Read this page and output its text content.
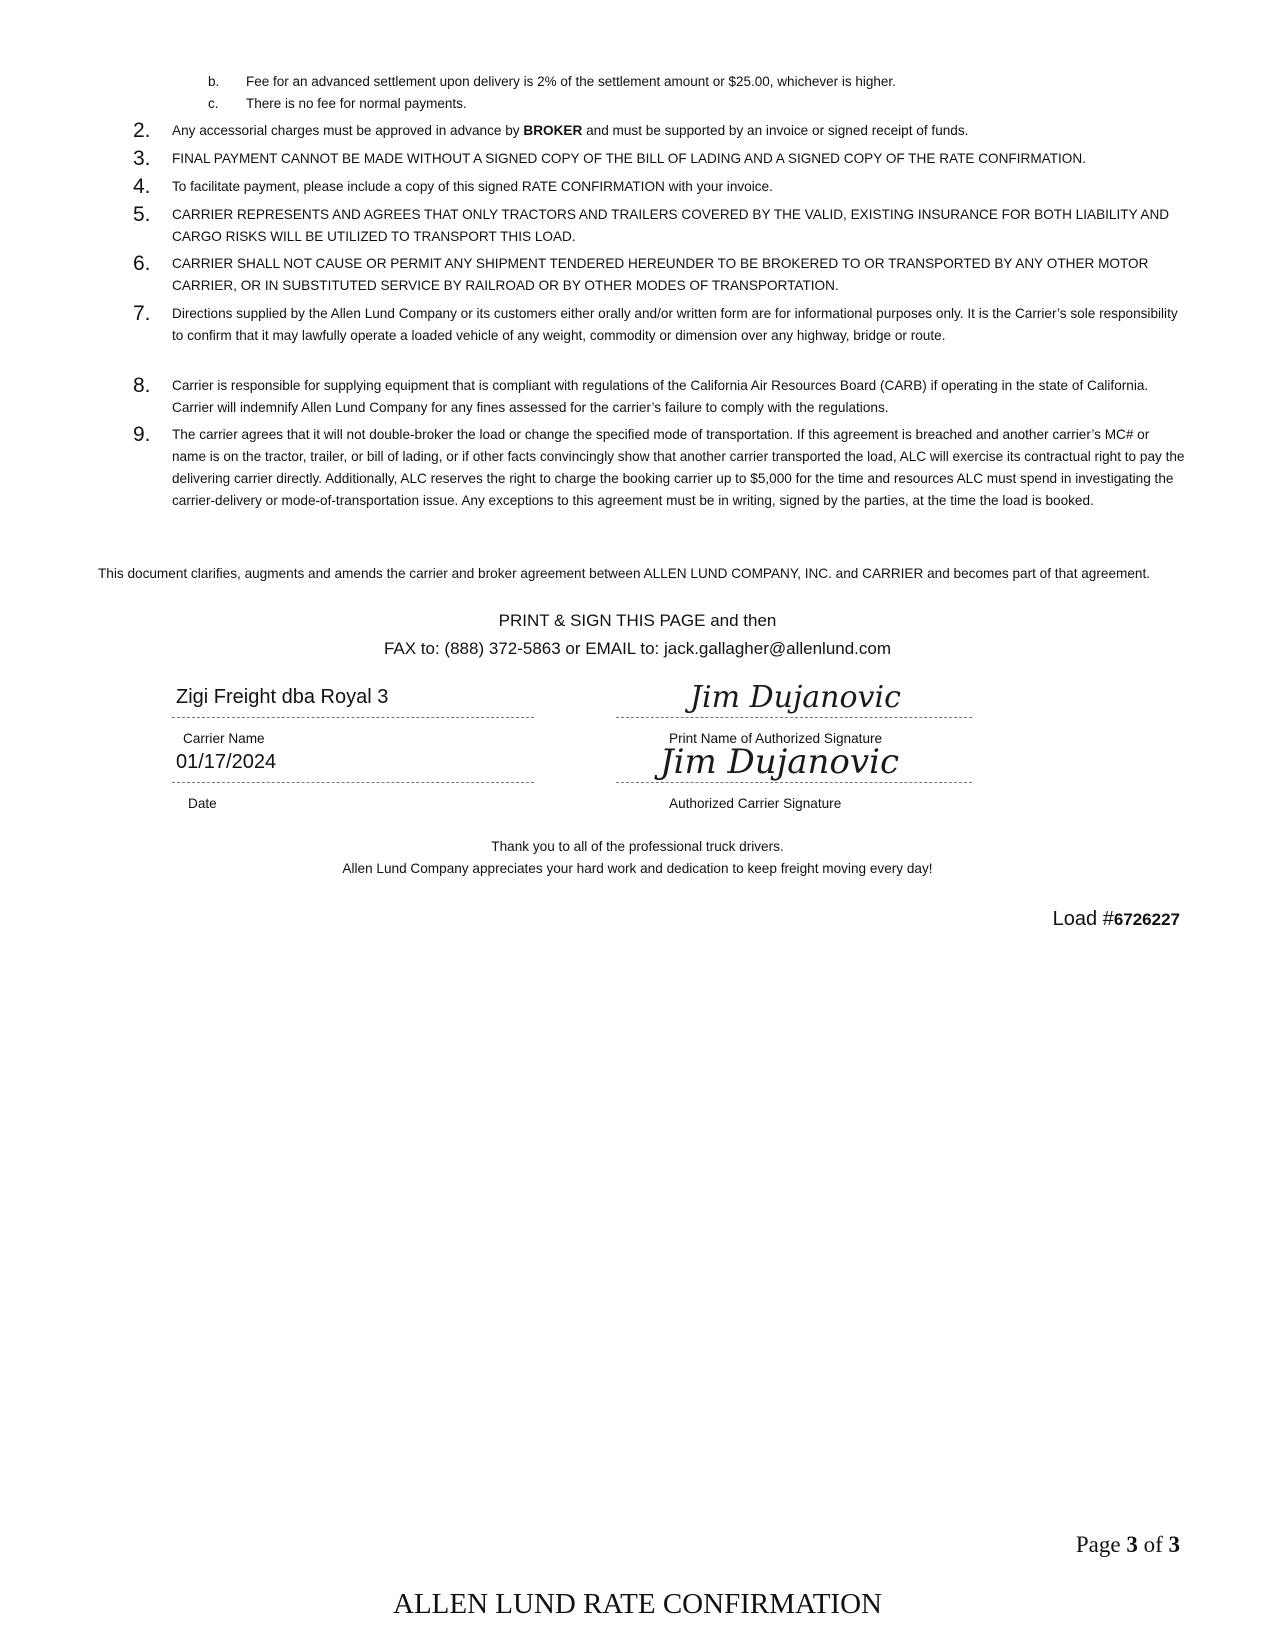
b. Fee for an advanced settlement upon delivery is 2% of the settlement amount or $25.00, whichever is higher.
c. There is no fee for normal payments.
2. Any accessorial charges must be approved in advance by BROKER and must be supported by an invoice or signed receipt of funds.
3. FINAL PAYMENT CANNOT BE MADE WITHOUT A SIGNED COPY OF THE BILL OF LADING AND A SIGNED COPY OF THE RATE CONFIRMATION.
4. To facilitate payment, please include a copy of this signed RATE CONFIRMATION with your invoice.
5. CARRIER REPRESENTS AND AGREES THAT ONLY TRACTORS AND TRAILERS COVERED BY THE VALID, EXISTING INSURANCE FOR BOTH LIABILITY AND CARGO RISKS WILL BE UTILIZED TO TRANSPORT THIS LOAD.
6. CARRIER SHALL NOT CAUSE OR PERMIT ANY SHIPMENT TENDERED HEREUNDER TO BE BROKERED TO OR TRANSPORTED BY ANY OTHER MOTOR CARRIER, OR IN SUBSTITUTED SERVICE BY RAILROAD OR BY OTHER MODES OF TRANSPORTATION.
7. Directions supplied by the Allen Lund Company or its customers either orally and/or written form are for informational purposes only. It is the Carrier’s sole responsibility to confirm that it may lawfully operate a loaded vehicle of any weight, commodity or dimension over any highway, bridge or route.
8. Carrier is responsible for supplying equipment that is compliant with regulations of the California Air Resources Board (CARB) if operating in the state of California. Carrier will indemnify Allen Lund Company for any fines assessed for the carrier’s failure to comply with the regulations.
9. The carrier agrees that it will not double-broker the load or change the specified mode of transportation. If this agreement is breached and another carrier’s MC# or name is on the tractor, trailer, or bill of lading, or if other facts convincingly show that another carrier transported the load, ALC will exercise its contractual right to pay the delivering carrier directly. Additionally, ALC reserves the right to charge the booking carrier up to $5,000 for the time and resources ALC must spend in investigating the carrier-delivery or mode-of-transportation issue. Any exceptions to this agreement must be in writing, signed by the parties, at the time the load is booked.
This document clarifies, augments and amends the carrier and broker agreement between ALLEN LUND COMPANY, INC. and CARRIER and becomes part of that agreement.
PRINT & SIGN THIS PAGE and then
FAX to: (888) 372-5863 or EMAIL to: jack.gallagher@allenlund.com
Zigi Freight dba Royal 3
Carrier Name
Jim Dujanovic
Print Name of Authorized Signature
01/17/2024
Date
Jim Dujanovic
Authorized Carrier Signature
Thank you to all of the professional truck drivers.
Allen Lund Company appreciates your hard work and dedication to keep freight moving every day!
Load #6726227
Page 3 of 3
ALLEN LUND RATE CONFIRMATION
